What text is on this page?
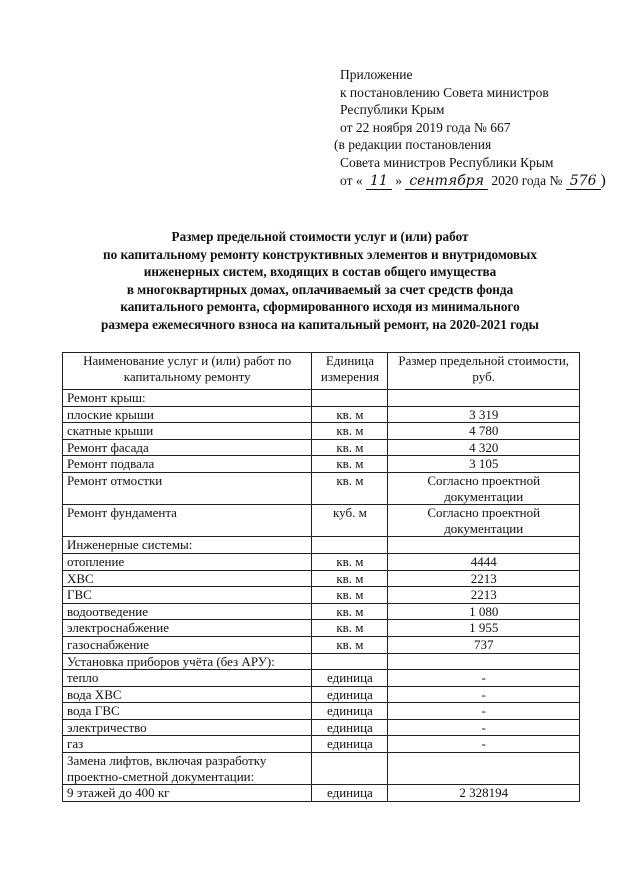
Приложение
к постановлению Совета министров
Республики Крым
от 22 ноября 2019 года № 667
(в редакции постановления
Совета министров Республики Крым
от « 11 » сентября 2020 года № 576 )
Размер предельной стоимости услуг и (или) работ
по капитальному ремонту конструктивных элементов и внутридомовых
инженерных систем, входящих в состав общего имущества
в многоквартирных домах, оплачиваемый за счет средств фонда
капитального ремонта, сформированного исходя из минимального
размера ежемесячного взноса на капитальный ремонт, на 2020-2021 годы
Наименование услуг и (или) работ по капитальному ремонту	Единица измерения	Размер предельной стоимости, руб.
Ремонт крыш:		
плоские крыши	кв. м	3 319
скатные крыши	кв. м	4 780
Ремонт фасада	кв. м	4 320
Ремонт подвала	кв. м	3 105
Ремонт отмостки	кв. м	Согласно проектной документации
Ремонт фундамента	куб. м	Согласно проектной документации
Инженерные системы:		
отопление	кв. м	4444
ХВС	кв. м	2213
ГВС	кв. м	2213
водоотведение	кв. м	1 080
электроснабжение	кв. м	1 955
газоснабжение	кв. м	737
Установка приборов учёта (без АРУ):		
тепло	единица	-
вода ХВС	единица	-
вода ГВС	единица	-
электричество	единица	-
газ	единица	-
Замена лифтов, включая разработку проектно-сметной документации:		
9 этажей до 400 кг	единица	2 328194
